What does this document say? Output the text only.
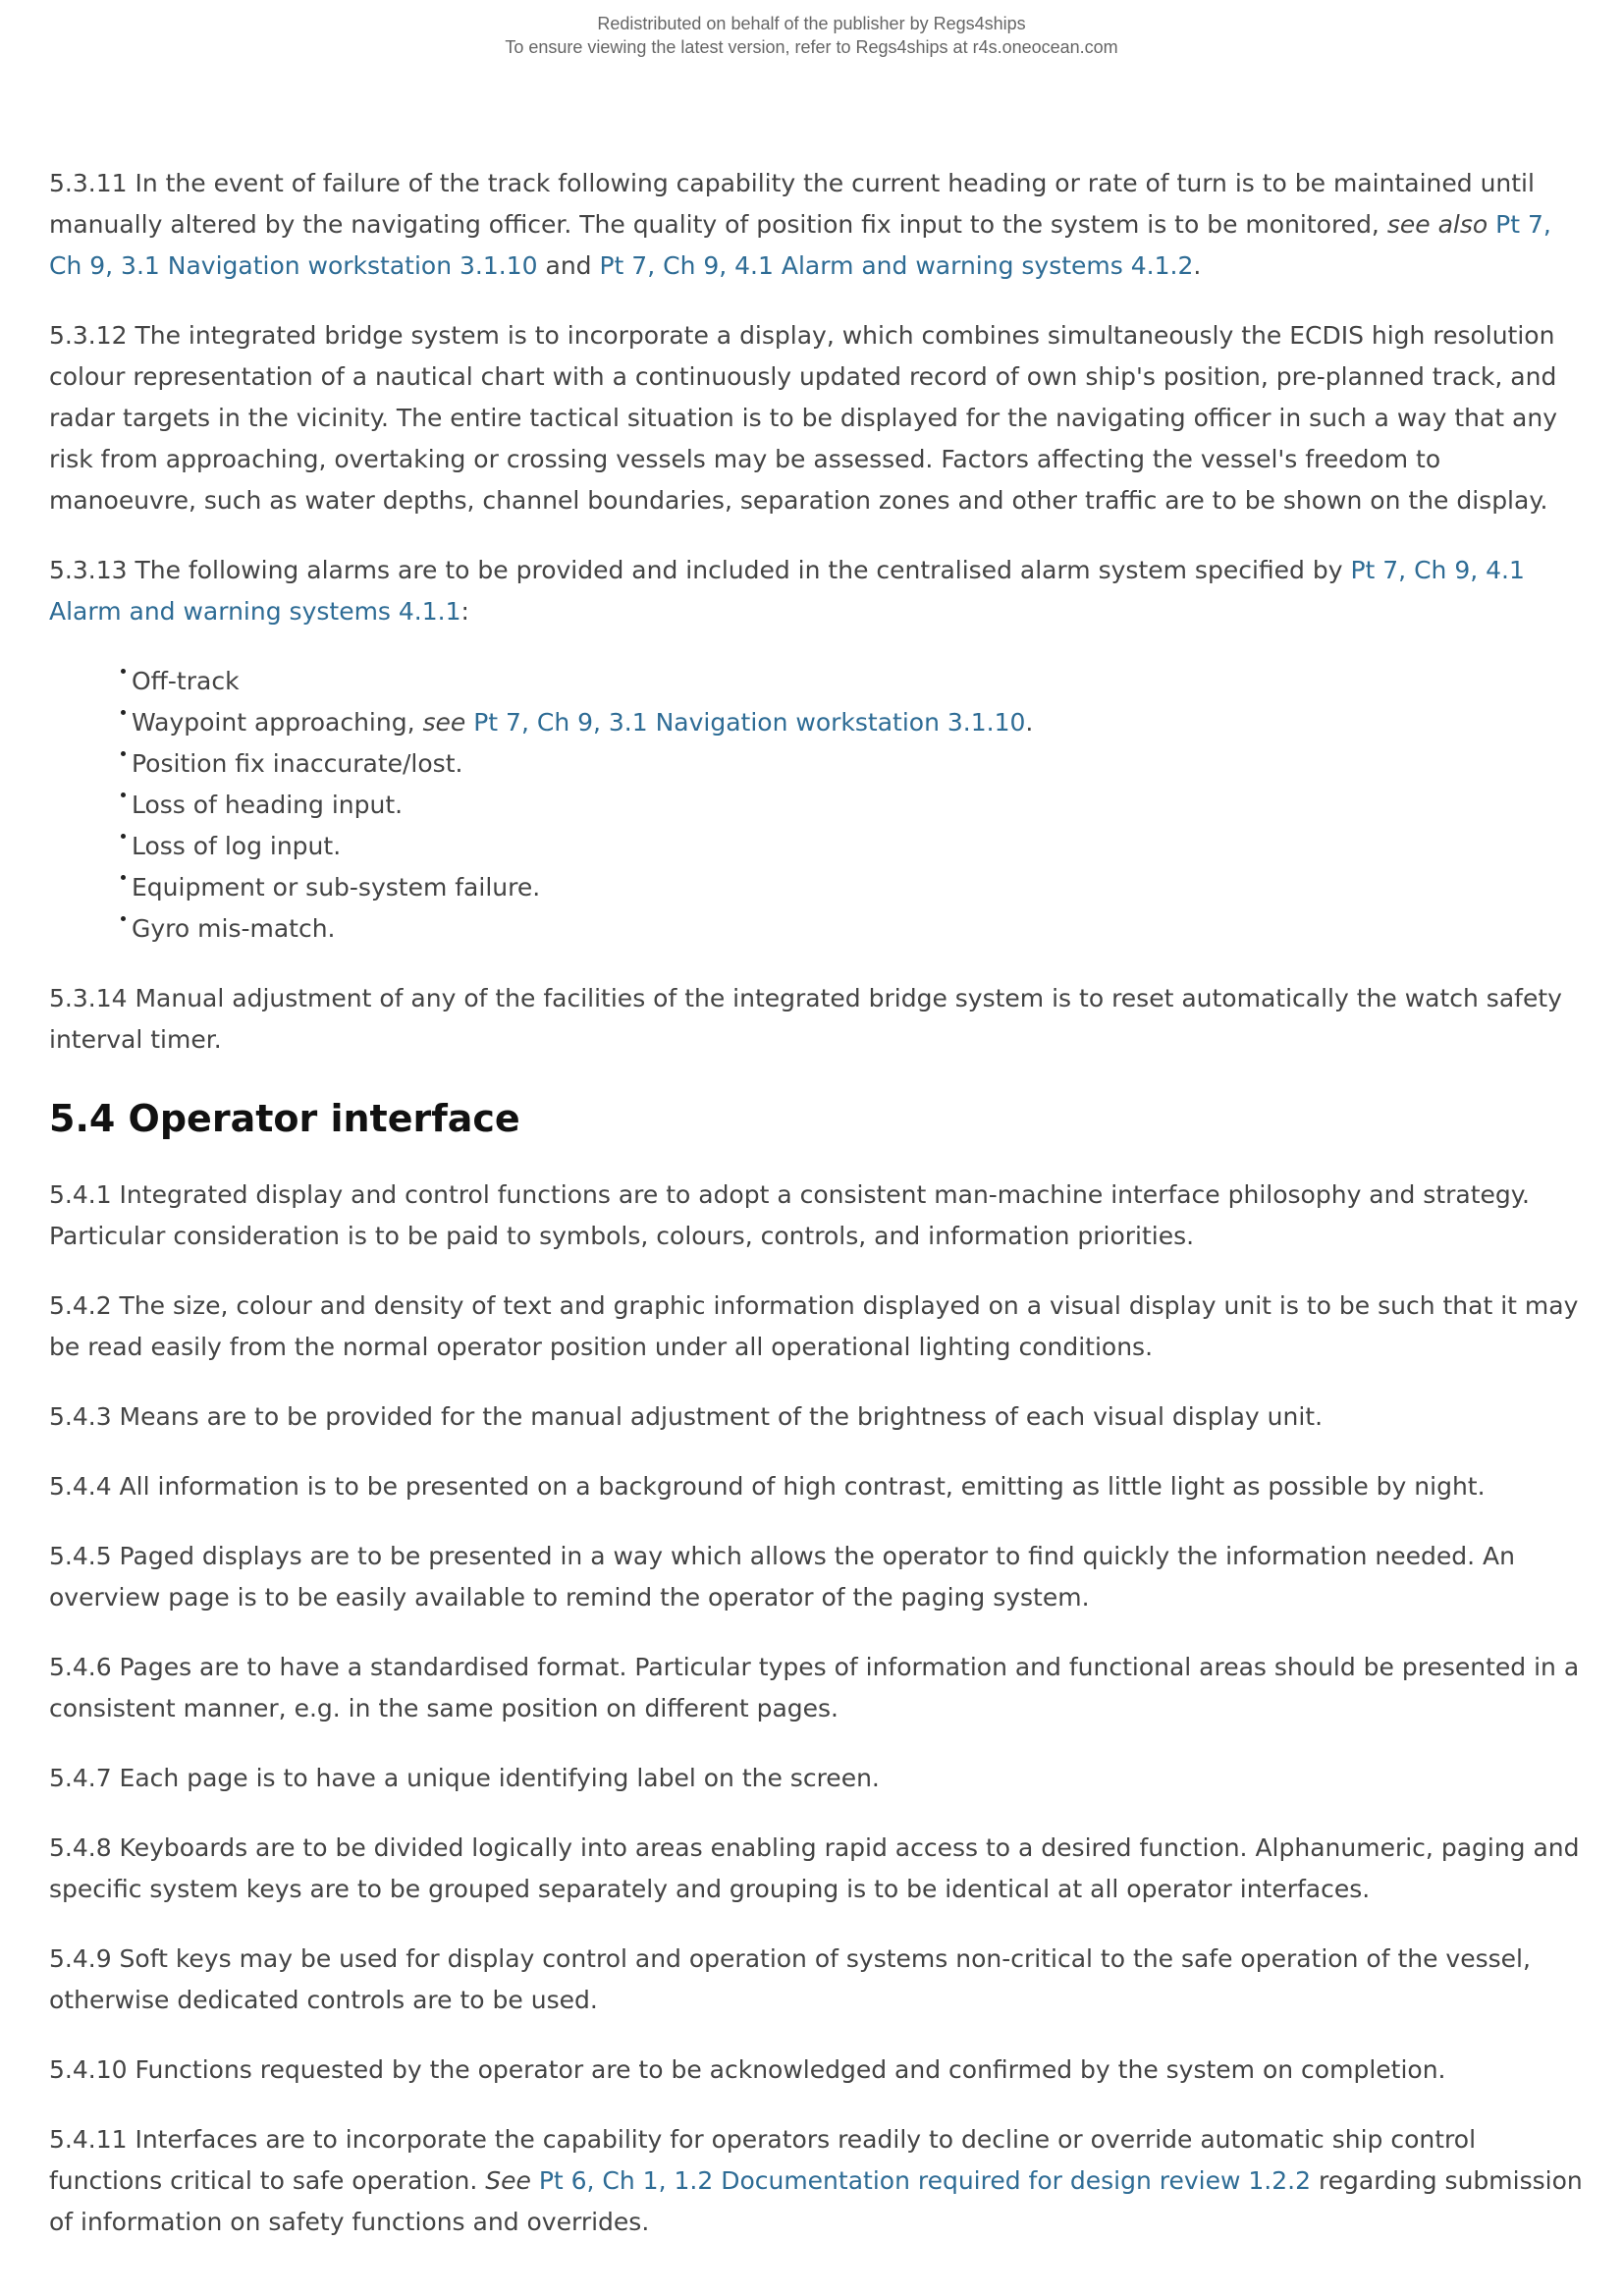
Redistributed on behalf of the publisher by Regs4ships
To ensure viewing the latest version, refer to Regs4ships at r4s.oneocean.com

5.3.11 In the event of failure of the track following capability the current heading or rate of turn is to be maintained until manually altered by the navigating officer. The quality of position fix input to the system is to be monitored, see also Pt 7, Ch 9, 3.1 Navigation workstation 3.1.10 and Pt 7, Ch 9, 4.1 Alarm and warning systems 4.1.2.

5.3.12 The integrated bridge system is to incorporate a display, which combines simultaneously the ECDIS high resolution colour representation of a nautical chart with a continuously updated record of own ship's position, pre-planned track, and radar targets in the vicinity. The entire tactical situation is to be displayed for the navigating officer in such a way that any risk from approaching, overtaking or crossing vessels may be assessed. Factors affecting the vessel's freedom to manoeuvre, such as water depths, channel boundaries, separation zones and other traffic are to be shown on the display.

5.3.13 The following alarms are to be provided and included in the centralised alarm system specified by Pt 7, Ch 9, 4.1 Alarm and warning systems 4.1.1:

Off-track
Waypoint approaching, see Pt 7, Ch 9, 3.1 Navigation workstation 3.1.10.
Position fix inaccurate/lost.
Loss of heading input.
Loss of log input.
Equipment or sub-system failure.
Gyro mis-match.

5.3.14 Manual adjustment of any of the facilities of the integrated bridge system is to reset automatically the watch safety interval timer.

5.4 Operator interface

5.4.1 Integrated display and control functions are to adopt a consistent man-machine interface philosophy and strategy. Particular consideration is to be paid to symbols, colours, controls, and information priorities.

5.4.2 The size, colour and density of text and graphic information displayed on a visual display unit is to be such that it may be read easily from the normal operator position under all operational lighting conditions.

5.4.3 Means are to be provided for the manual adjustment of the brightness of each visual display unit.

5.4.4 All information is to be presented on a background of high contrast, emitting as little light as possible by night.

5.4.5 Paged displays are to be presented in a way which allows the operator to find quickly the information needed. An overview page is to be easily available to remind the operator of the paging system.

5.4.6 Pages are to have a standardised format. Particular types of information and functional areas should be presented in a consistent manner, e.g. in the same position on different pages.

5.4.7 Each page is to have a unique identifying label on the screen.

5.4.8 Keyboards are to be divided logically into areas enabling rapid access to a desired function. Alphanumeric, paging and specific system keys are to be grouped separately and grouping is to be identical at all operator interfaces.

5.4.9 Soft keys may be used for display control and operation of systems non-critical to the safe operation of the vessel, otherwise dedicated controls are to be used.

5.4.10 Functions requested by the operator are to be acknowledged and confirmed by the system on completion.

5.4.11 Interfaces are to incorporate the capability for operators readily to decline or override automatic ship control functions critical to safe operation. See Pt 6, Ch 1, 1.2 Documentation required for design review 1.2.2 regarding submission of information on safety functions and overrides.
